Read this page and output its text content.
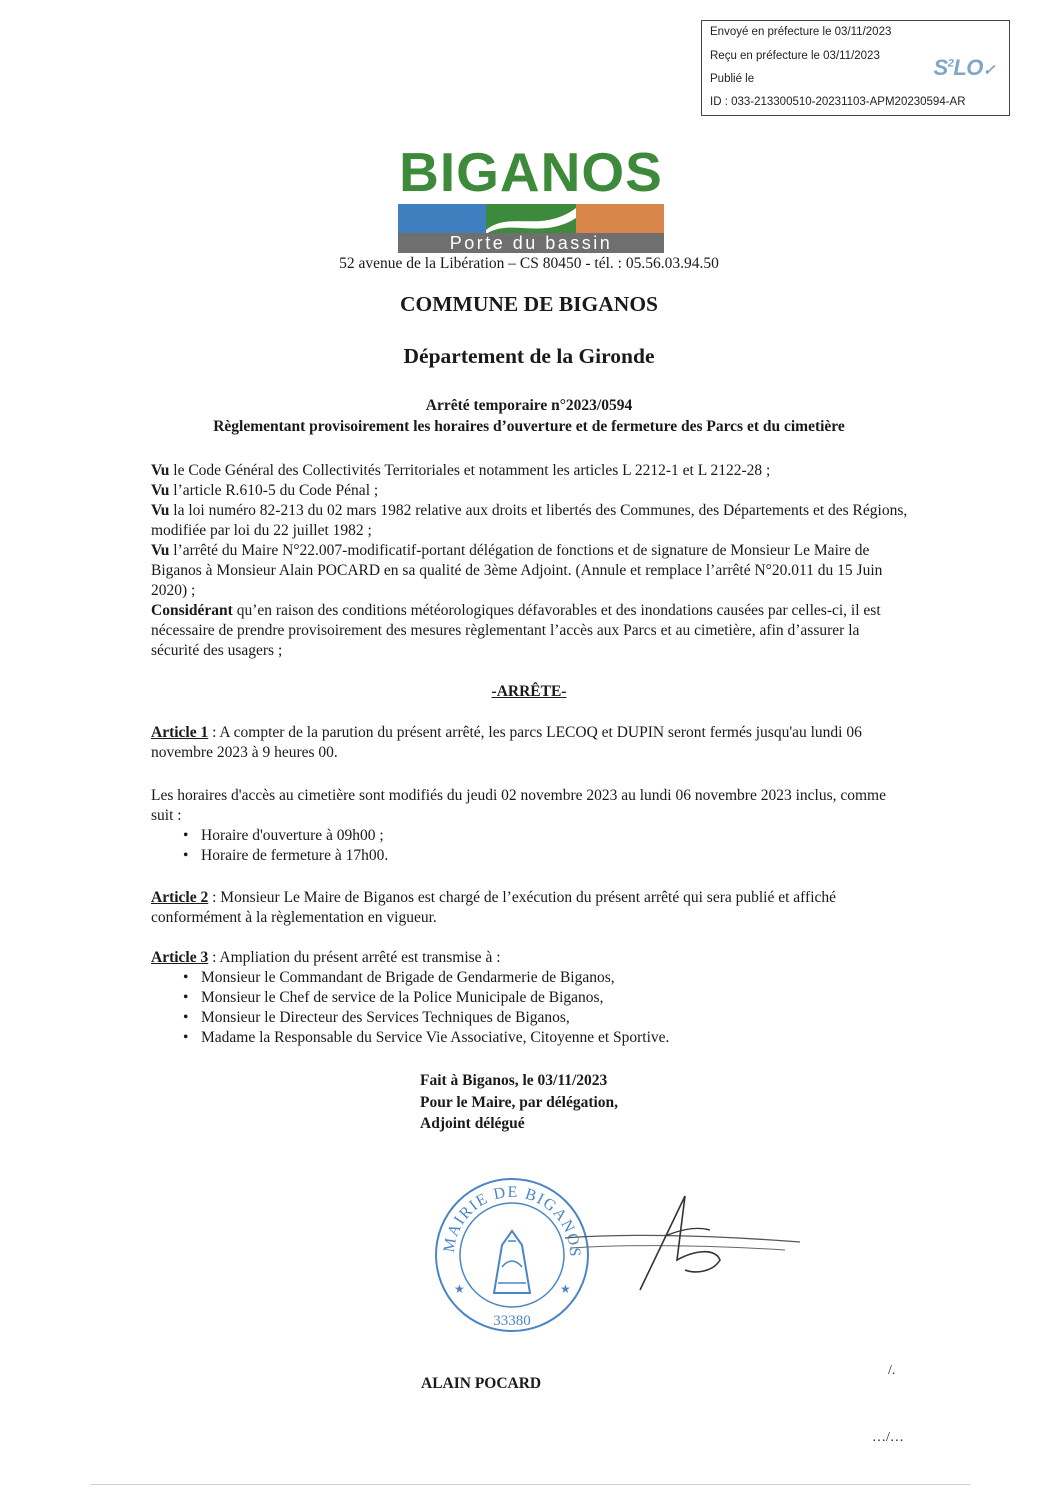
Envoyé en préfecture le 03/11/2023
Reçu en préfecture le 03/11/2023
Publié le
ID : 033-213300510-20231103-APM20230594-AR
$S^2LO✓$
BIGANOS
Porte du bassin
52 avenue de la Libération – CS 80450 - tél. : 05.56.03.94.50
COMMUNE DE BIGANOS
Département de la Gironde
Arrêté temporaire n°2023/0594
Règlementant provisoirement les horaires d’ouverture et de fermeture des Parcs et du cimetière

Vu le Code Général des Collectivités Territoriales et notamment les articles L 2212-1 et L 2122-28 ;

Vu l’article R.610-5 du Code Pénal ;

Vu la loi numéro 82-213 du 02 mars 1982 relative aux droits et libertés des Communes, des Départements et des Régions, modifiée par loi du 22 juillet 1982 ;

Vu l’arrêté du Maire N°22.007-modificatif-portant délégation de fonctions et de signature de Monsieur Le Maire de Biganos à Monsieur Alain POCARD en sa qualité de 3ème Adjoint. (Annule et remplace l’arrêté N°20.011 du 15 Juin 2020) ;

Considérant qu’en raison des conditions météorologiques défavorables et des inondations causées par celles-ci, il est nécessaire de prendre provisoirement des mesures règlementant l’accès aux Parcs et au cimetière, afin d’assurer la sécurité des usagers ;

-ARRÊTE-

Article 1 : A compter de la parution du présent arrêté, les parcs LECOQ et DUPIN seront fermés jusqu'au lundi 06 novembre 2023 à 9 heures 00.

Les horaires d'accès au cimetière sont modifiés du jeudi 02 novembre 2023 au lundi 06 novembre 2023 inclus, comme suit :

• Horaire d'ouverture à 09h00 ;
• Horaire de fermeture à 17h00.

Article 2 : Monsieur Le Maire de Biganos est chargé de l’exécution du présent arrêté qui sera publié et affiché conformément à la règlementation en vigueur.

Article 3 : Ampliation du présent arrêté est transmise à :

• Monsieur le Commandant de Brigade de Gendarmerie de Biganos,
• Monsieur le Chef de service de la Police Municipale de Biganos,
• Monsieur le Directeur des Services Techniques de Biganos,
• Madame la Responsable du Service Vie Associative, Citoyenne et Sportive.
Fait à Biganos, le 03/11/2023
Pour le Maire, par délégation,
Adjoint délégué
MAIRIE DE BIGANOS
33380
★	★
ALAIN POCARD
/.
…/…
